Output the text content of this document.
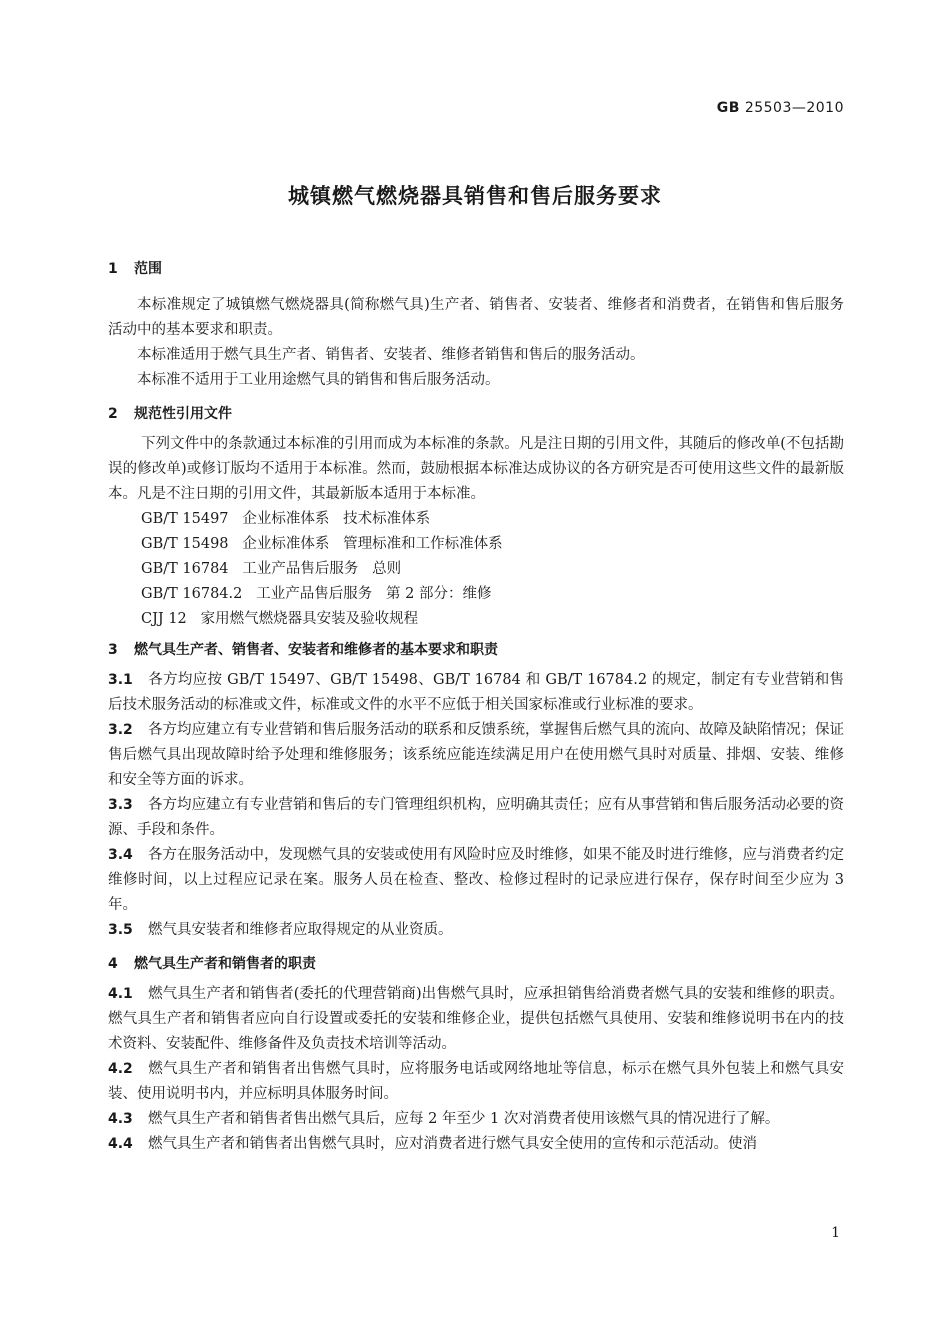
GB 25503—2010
城镇燃气燃烧器具销售和售后服务要求
1 范围

本标准规定了城镇燃气燃烧器具(简称燃气具)生产者、销售者、安装者、维修者和消费者，在销售和售后服务活动中的基本要求和职责。

本标准适用于燃气具生产者、销售者、安装者、维修者销售和售后的服务活动。

本标准不适用于工业用途燃气具的销售和售后服务活动。

2 规范性引用文件

下列文件中的条款通过本标准的引用而成为本标准的条款。凡是注日期的引用文件，其随后的修改单(不包括勘误的修改单)或修订版均不适用于本标准。然而，鼓励根据本标准达成协议的各方研究是否可使用这些文件的最新版本。凡是不注日期的引用文件，其最新版本适用于本标准。

GB/T 15497   企业标准体系   技术标准体系
GB/T 15498   企业标准体系   管理标准和工作标准体系
GB/T 16784   工业产品售后服务   总则
GB/T 16784.2   工业产品售后服务   第 2 部分：维修
CJJ 12   家用燃气燃烧器具安装及验收规程
3 燃气具生产者、销售者、安装者和维修者的基本要求和职责

3.1 各方均应按 GB/T 15497、GB/T 15498、GB/T 16784 和 GB/T 16784.2 的规定，制定有专业营销和售后技术服务活动的标准或文件，标准或文件的水平不应低于相关国家标准或行业标准的要求。

3.2 各方均应建立有专业营销和售后服务活动的联系和反馈系统，掌握售后燃气具的流向、故障及缺陷情况；保证售后燃气具出现故障时给予处理和维修服务；该系统应能连续满足用户在使用燃气具时对质量、排烟、安装、维修和安全等方面的诉求。

3.3 各方均应建立有专业营销和售后的专门管理组织机构，应明确其责任；应有从事营销和售后服务活动必要的资源、手段和条件。

3.4 各方在服务活动中，发现燃气具的安装或使用有风险时应及时维修，如果不能及时进行维修，应与消费者约定维修时间，以上过程应记录在案。服务人员在检查、整改、检修过程时的记录应进行保存，保存时间至少应为 3 年。

3.5 燃气具安装者和维修者应取得规定的从业资质。

4 燃气具生产者和销售者的职责

4.1 燃气具生产者和销售者(委托的代理营销商)出售燃气具时，应承担销售给消费者燃气具的安装和维修的职责。燃气具生产者和销售者应向自行设置或委托的安装和维修企业，提供包括燃气具使用、安装和维修说明书在内的技术资料、安装配件、维修备件及负责技术培训等活动。

4.2 燃气具生产者和销售者出售燃气具时，应将服务电话或网络地址等信息，标示在燃气具外包装上和燃气具安装、使用说明书内，并应标明具体服务时间。

4.3 燃气具生产者和销售者售出燃气具后，应每 2 年至少 1 次对消费者使用该燃气具的情况进行了解。

4.4 燃气具生产者和销售者出售燃气具时，应对消费者进行燃气具安全使用的宣传和示范活动。使消

1
